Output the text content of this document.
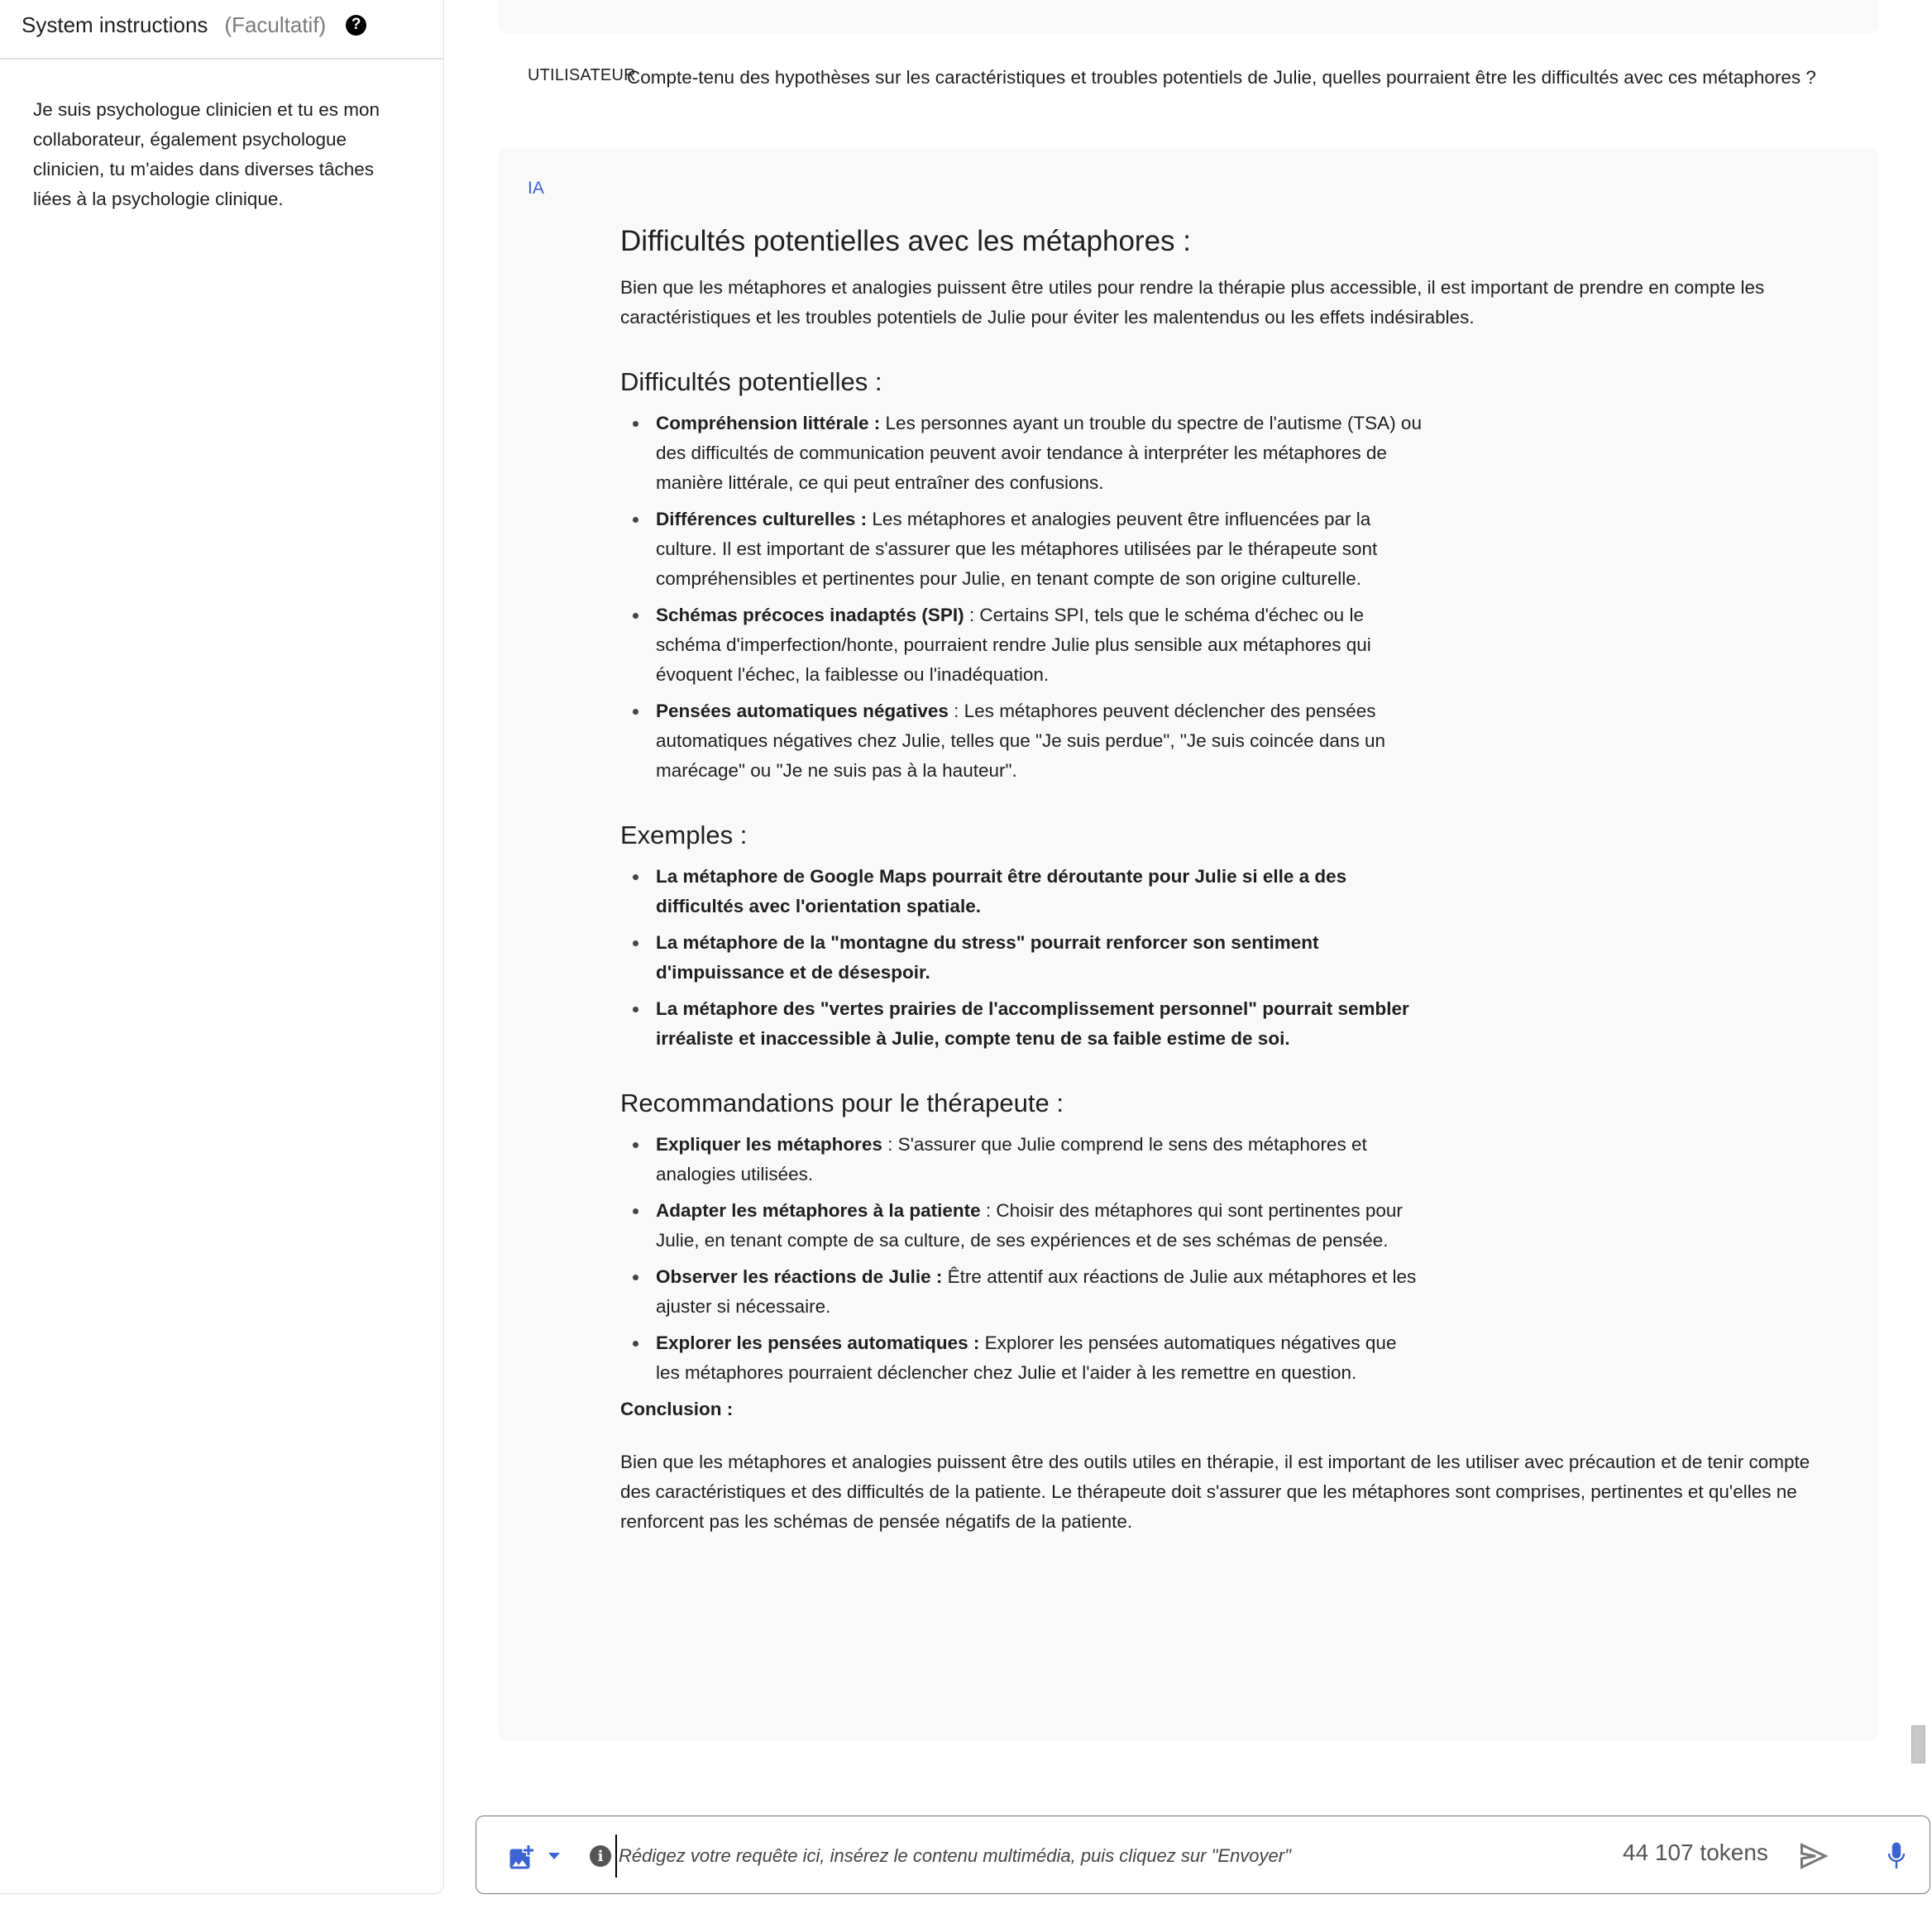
System instructions (Facultatif)	?
Je suis psychologue clinicien et tu es mon collaborateur, également psychologue clinicien, tu m'aides dans diverses tâches liées à la psychologie clinique.
UTILISATEUR
Compte-tenu des hypothèses sur les caractéristiques et troubles potentiels de Julie, quelles pourraient être les difficultés avec ces métaphores ?
IA
Difficultés potentielles avec les métaphores :

Bien que les métaphores et analogies puissent être utiles pour rendre la thérapie plus accessible, il est important de prendre en compte les caractéristiques et les troubles potentiels de Julie pour éviter les malentendus ou les effets indésirables.

Difficultés potentielles :
Compréhension littérale : Les personnes ayant un trouble du spectre de l'autisme (TSA) ou des difficultés de communication peuvent avoir tendance à interpréter les métaphores de manière littérale, ce qui peut entraîner des confusions.
Différences culturelles : Les métaphores et analogies peuvent être influencées par la culture. Il est important de s'assurer que les métaphores utilisées par le thérapeute sont compréhensibles et pertinentes pour Julie, en tenant compte de son origine culturelle.
Schémas précoces inadaptés (SPI) : Certains SPI, tels que le schéma d'échec ou le schéma d'imperfection/honte, pourraient rendre Julie plus sensible aux métaphores qui évoquent l'échec, la faiblesse ou l'inadéquation.
Pensées automatiques négatives : Les métaphores peuvent déclencher des pensées automatiques négatives chez Julie, telles que "Je suis perdue", "Je suis coincée dans un marécage" ou "Je ne suis pas à la hauteur".
Exemples :
La métaphore de Google Maps pourrait être déroutante pour Julie si elle a des difficultés avec l'orientation spatiale.
La métaphore de la "montagne du stress" pourrait renforcer son sentiment d'impuissance et de désespoir.
La métaphore des "vertes prairies de l'accomplissement personnel" pourrait sembler irréaliste et inaccessible à Julie, compte tenu de sa faible estime de soi.
Recommandations pour le thérapeute :
Expliquer les métaphores : S'assurer que Julie comprend le sens des métaphores et analogies utilisées.
Adapter les métaphores à la patiente : Choisir des métaphores qui sont pertinentes pour Julie, en tenant compte de sa culture, de ses expériences et de ses schémas de pensée.
Observer les réactions de Julie : Être attentif aux réactions de Julie aux métaphores et les ajuster si nécessaire.
Explorer les pensées automatiques : Explorer les pensées automatiques négatives que les métaphores pourraient déclencher chez Julie et l'aider à les remettre en question.

Conclusion :

Bien que les métaphores et analogies puissent être des outils utiles en thérapie, il est important de les utiliser avec précaution et de tenir compte des caractéristiques et des difficultés de la patiente. Le thérapeute doit s'assurer que les métaphores sont comprises, pertinentes et qu'elles ne renforcent pas les schémas de pensée négatifs de la patiente.

i
Rédigez votre requête ici, insérez le contenu multimédia, puis cliquez sur "Envoyer"	44 107 tokens
